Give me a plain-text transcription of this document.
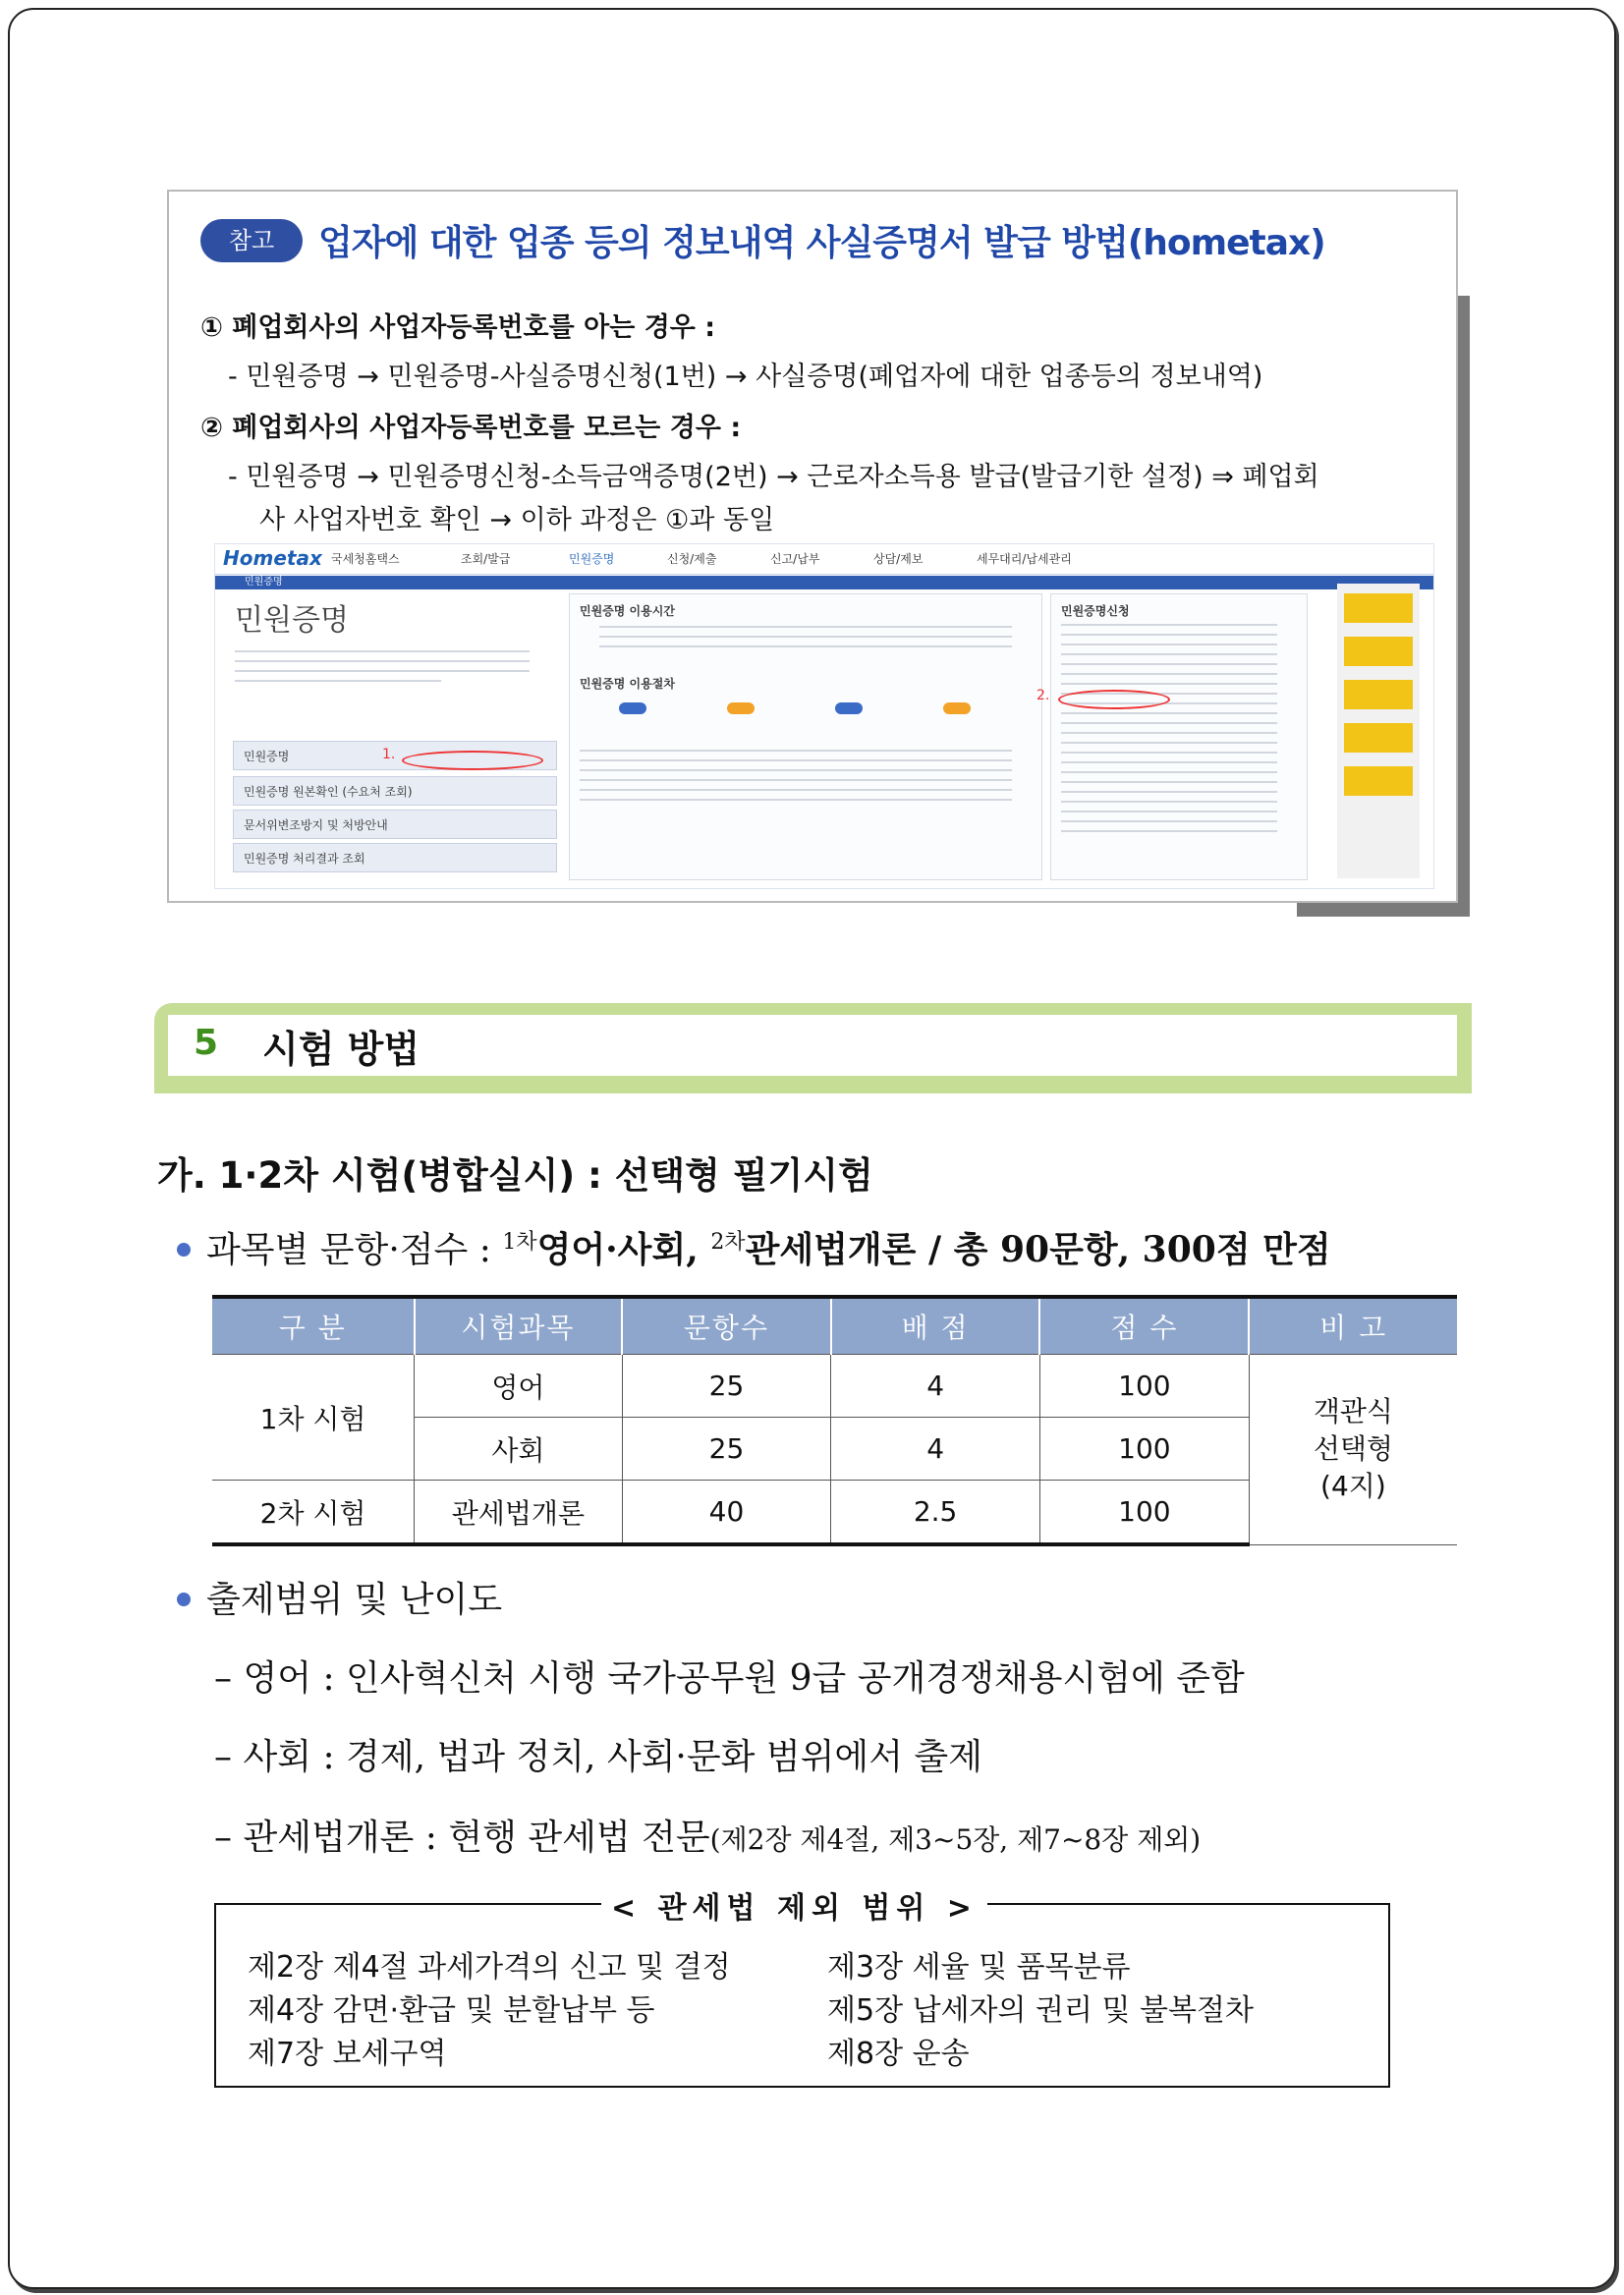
참고	업자에 대한 업종 등의 정보내역 사실증명서 발급 방법(hometax)
① 폐업회사의 사업자등록번호를 아는 경우 :
- 민원증명 → 민원증명-사실증명신청(1번) → 사실증명(폐업자에 대한 업종등의 정보내역)
② 폐업회사의 사업자등록번호를 모르는 경우 :
- 민원증명 → 민원증명신청-소득금액증명(2번) → 근로자소득용 발급(발급기한 설정) ⇒ 폐업회
사 사업자번호 확인 → 이하 과정은 ①과 동일
Hometax 국세청홈택스	조회/발급	민원증명	신청/제출	신고/납부	상담/제보	세무대리/납세관리
민원증명
민원증명
민원증명
민원증명 원본확인 (수요처 조회)
문서위변조방지 및 처방안내
민원증명 처리결과 조회
1.
민원증명 이용시간
민원증명 이용절차
민원증명신청
2.
5 시험 방법
가. 1·2차 시험(병합실시) : 선택형 필기시험
과목별 문항·점수 : $^{1차}$영어·사회, $^{2차}$관세법개론 / 총 90문항, 300점 만점
구 분	시험과목	문항수	배 점	점 수	비 고
1차 시험	영어	25	4	100	객관식
선택형
(4지)

	사회	25	4	100	
2차 시험	관세법개론	40	2.5	100	
출제범위 및 난이도
– 영어 : 인사혁신처 시행 국가공무원 9급 공개경쟁채용시험에 준함
– 사회 : 경제, 법과 정치, 사회·문화 범위에서 출제
– 관세법개론 : 현행 관세법 전문(제2장 제4절, 제3~5장, 제7~8장 제외)
< 관세법 제외 범위 >
제2장 제4절 과세가격의 신고 및 결정	제3장 세율 및 품목분류
제4장 감면·환급 및 분할납부 등	제5장 납세자의 권리 및 불복절차
제7장 보세구역	제8장 운송
